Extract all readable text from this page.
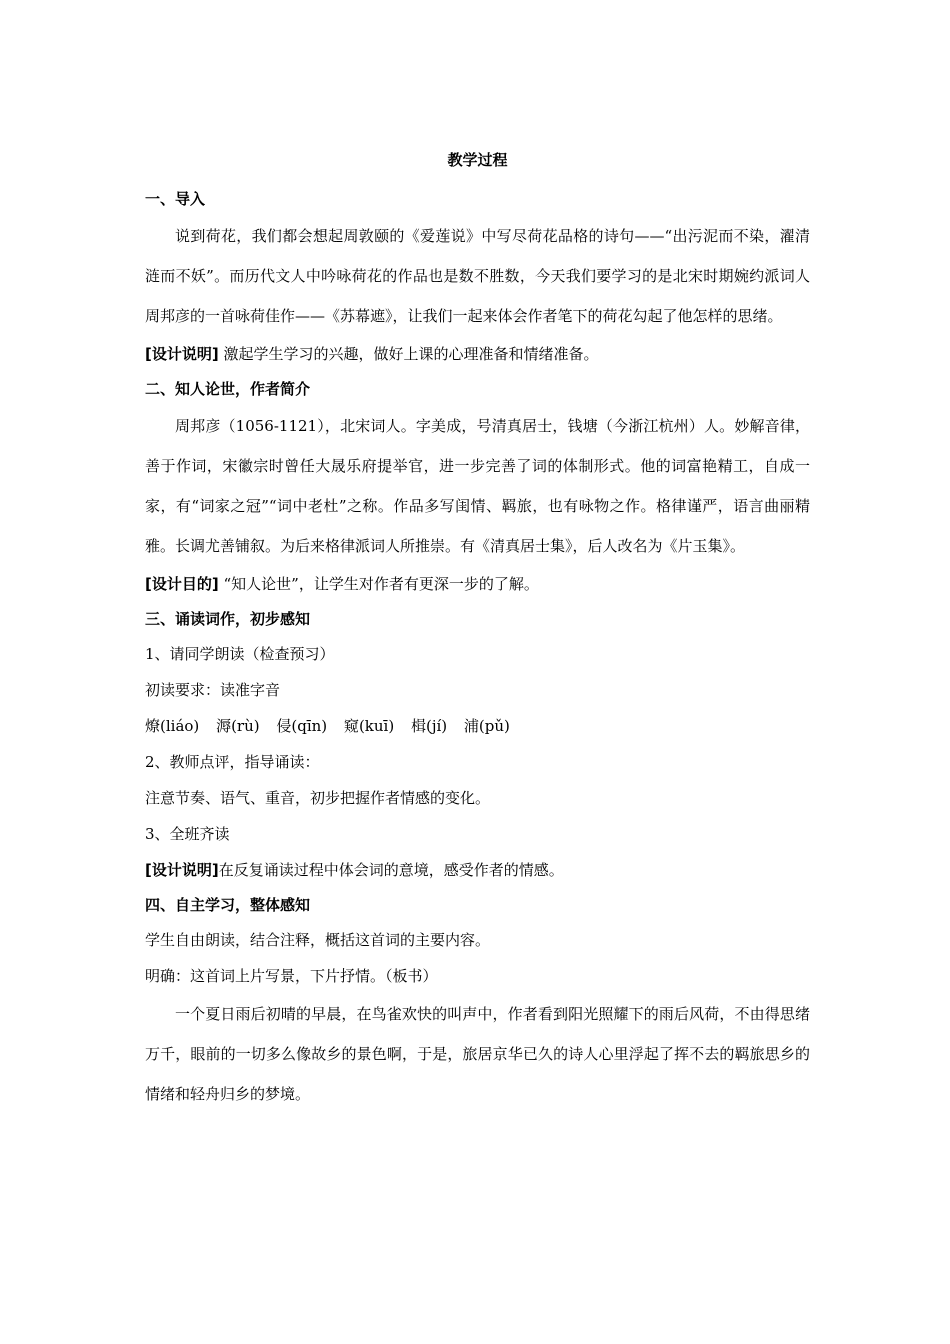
教学过程
一、导入

说到荷花，我们都会想起周敦颐的《爱莲说》中写尽荷花品格的诗句——“出污泥而不染，濯清涟而不妖”。而历代文人中吟咏荷花的作品也是数不胜数，今天我们要学习的是北宋时期婉约派词人周邦彦的一首咏荷佳作——《苏幕遮》，让我们一起来体会作者笔下的荷花勾起了他怎样的思绪。

[设计说明] 激起学生学习的兴趣，做好上课的心理准备和情绪准备。
二、知人论世，作者简介

周邦彦（1056-1121），北宋词人。字美成，号清真居士，钱塘（今浙江杭州）人。妙解音律，善于作词，宋徽宗时曾任大晟乐府提举官，进一步完善了词的体制形式。他的词富艳精工，自成一家，有“词家之冠”“词中老杜”之称。作品多写闺情、羁旅，也有咏物之作。格律谨严，语言曲丽精雅。长调尤善铺叙。为后来格律派词人所推崇。有《清真居士集》，后人改名为《片玉集》。

[设计目的] “知人论世”，让学生对作者有更深一步的了解。
三、诵读词作，初步感知
1、请同学朗读（检查预习）
初读要求：读准字音
燎(liáo) 溽(rù) 侵(qīn) 窥(kuī) 楫(jí) 浦(pǔ)
2、教师点评，指导诵读：
注意节奏、语气、重音，初步把握作者情感的变化。
3、全班齐读
[设计说明]在反复诵读过程中体会词的意境，感受作者的情感。
四、自主学习，整体感知
学生自由朗读，结合注释，概括这首词的主要内容。
明确：这首词上片写景，下片抒情。（板书）

一个夏日雨后初晴的早晨，在鸟雀欢快的叫声中，作者看到阳光照耀下的雨后风荷，不由得思绪万千，眼前的一切多么像故乡的景色啊，于是，旅居京华已久的诗人心里浮起了挥不去的羁旅思乡的情绪和轻舟归乡的梦境。
